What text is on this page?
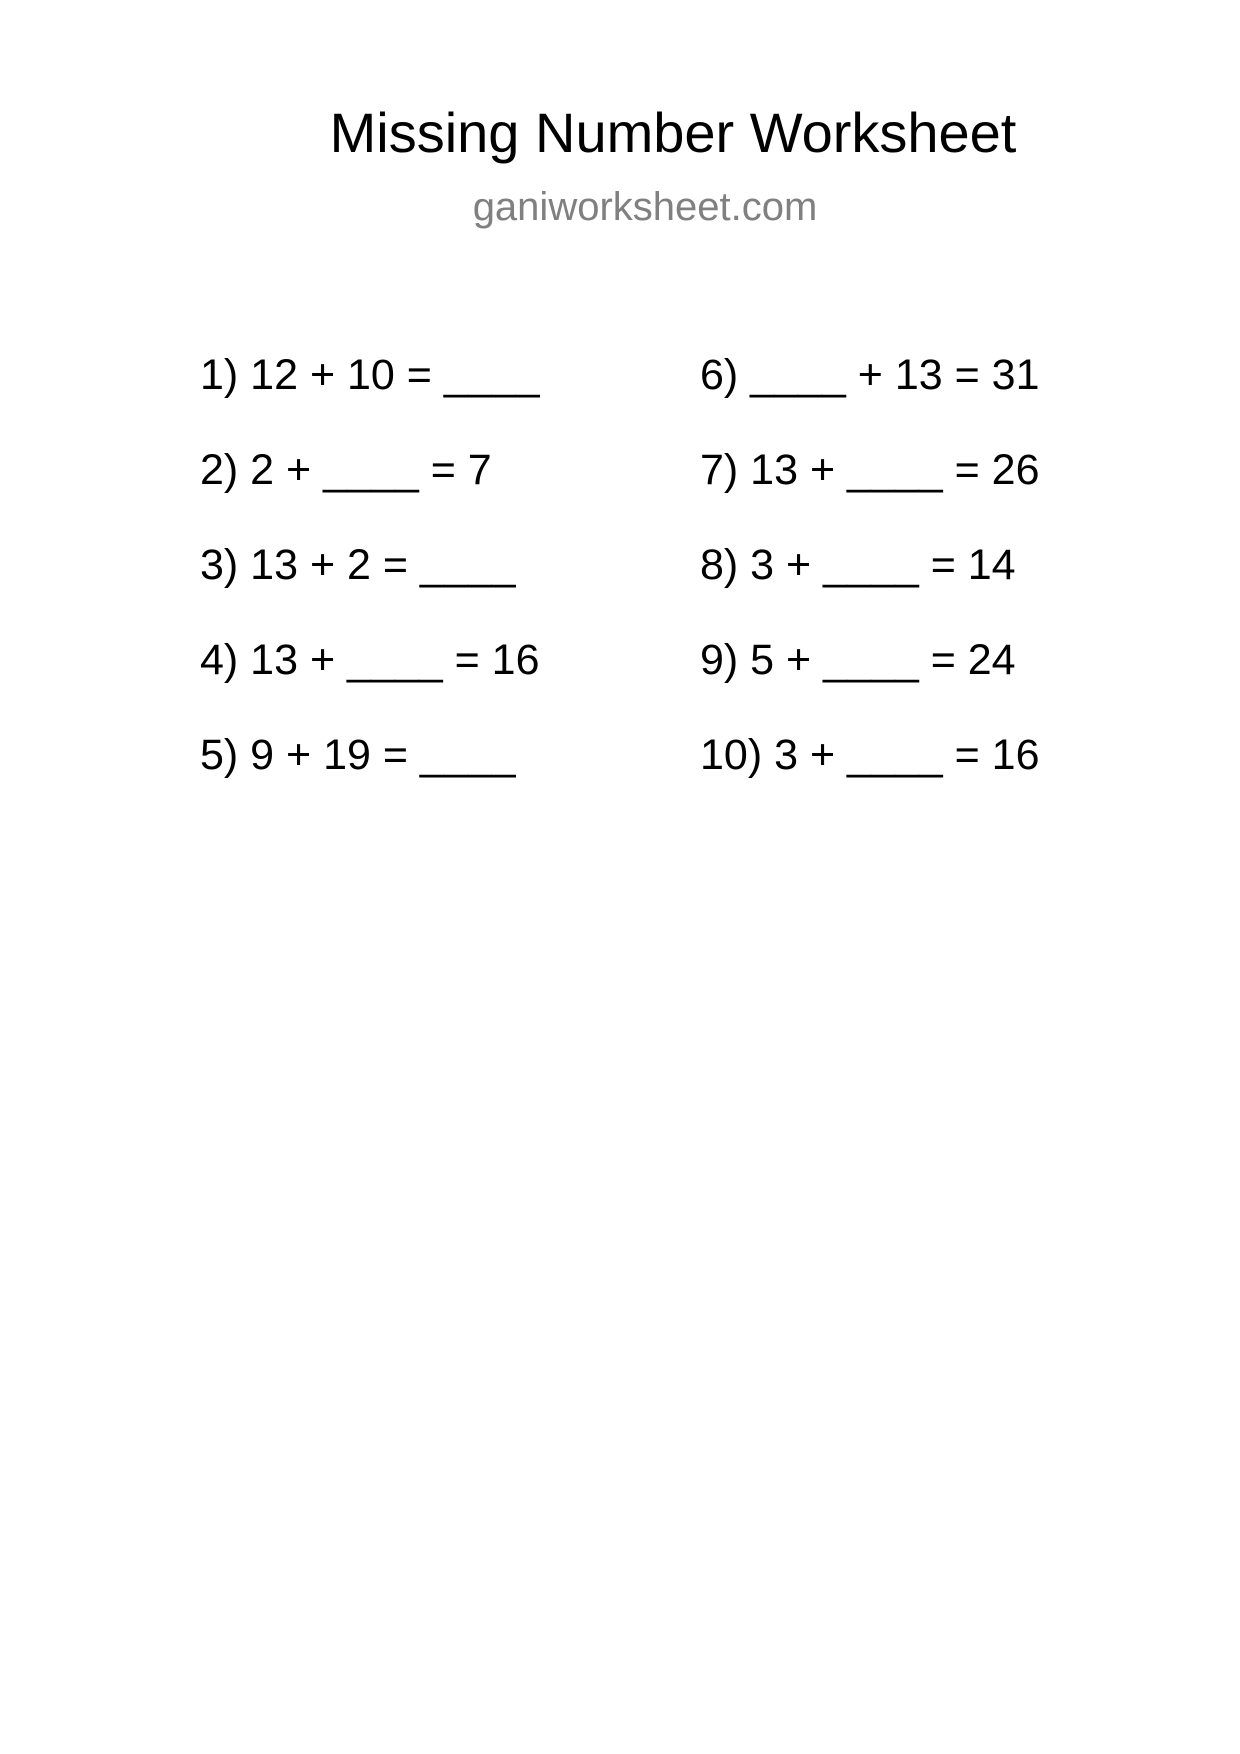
Missing Number Worksheet
ganiworksheet.com
1) 12 + 10 = ____
2) 2 + ____ = 7
3) 13 + 2 = ____
4) 13 + ____ = 16
5) 9 + 19 = ____
6) ____ + 13 = 31
7) 13 + ____ = 26
8) 3 + ____ = 14
9) 5 + ____ = 24
10) 3 + ____ = 16
